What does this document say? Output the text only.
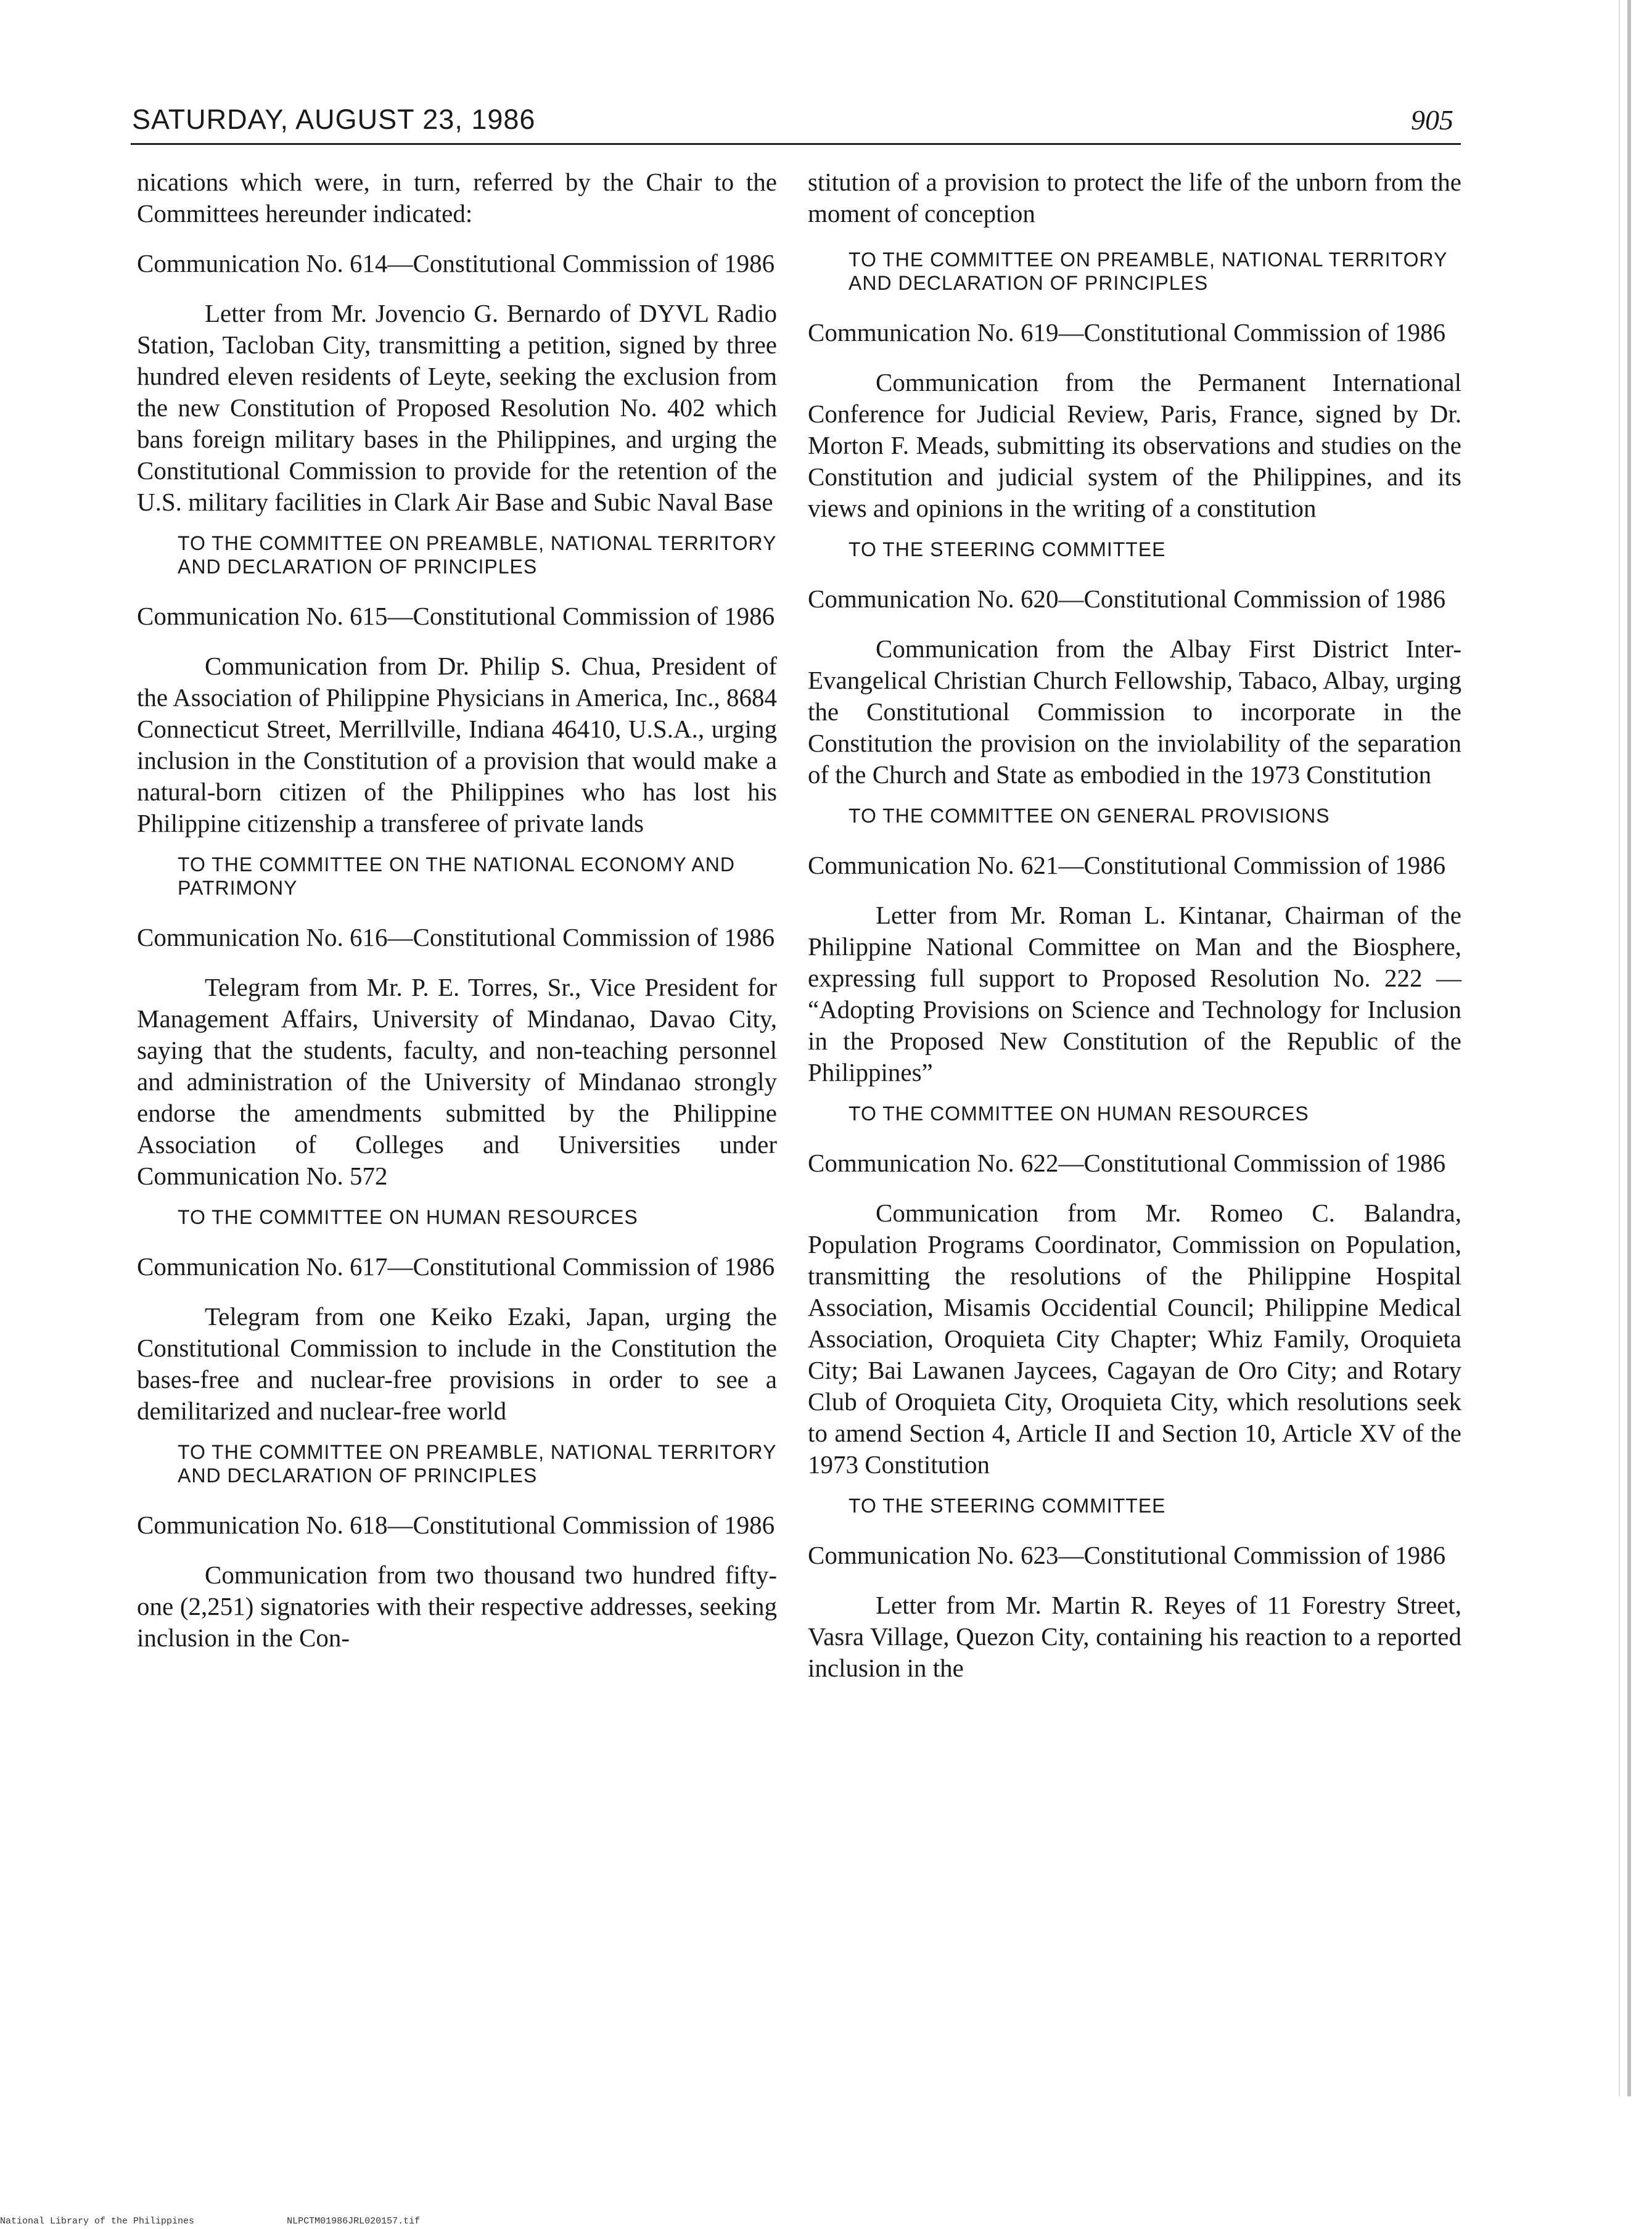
SATURDAY, AUGUST 23, 1986	905

nications which were, in turn, referred by the Chair to the Committees hereunder indicated:

Communication No. 614—Constitutional Commission of 1986

Letter from Mr. Jovencio G. Bernardo of DYVL Radio Station, Tacloban City, transmitting a petition, signed by three hundred eleven residents of Leyte, seeking the exclusion from the new Constitution of Proposed Resolution No. 402 which bans foreign military bases in the Philippines, and urging the Constitutional Commission to provide for the retention of the U.S. military facilities in Clark Air Base and Subic Naval Base

TO THE COMMITTEE ON PREAMBLE, NATIONAL TERRITORY AND DECLARATION OF PRINCIPLES

Communication No. 615—Constitutional Commission of 1986

Communication from Dr. Philip S. Chua, President of the Association of Philippine Physicians in America, Inc., 8684 Connecticut Street, Merrillville, Indiana 46410, U.S.A., urging inclusion in the Constitution of a provision that would make a natural-born citizen of the Philippines who has lost his Philippine citizenship a transferee of private lands

TO THE COMMITTEE ON THE NATIONAL ECONOMY AND PATRIMONY

Communication No. 616—Constitutional Commission of 1986

Telegram from Mr. P. E. Torres, Sr., Vice President for Management Affairs, University of Mindanao, Davao City, saying that the students, faculty, and non-teaching personnel and administration of the University of Mindanao strongly endorse the amendments submitted by the Philippine Association of Colleges and Universities under Communication No. 572

TO THE COMMITTEE ON HUMAN RESOURCES

Communication No. 617—Constitutional Commission of 1986

Telegram from one Keiko Ezaki, Japan, urging the Constitutional Commission to include in the Constitution the bases-free and nuclear-free provisions in order to see a demilitarized and nuclear-free world

TO THE COMMITTEE ON PREAMBLE, NATIONAL TERRITORY AND DECLARATION OF PRINCIPLES

Communication No. 618—Constitutional Commission of 1986

Communication from two thousand two hundred fifty-one (2,251) signatories with their respective addresses, seeking inclusion in the Con-

stitution of a provision to protect the life of the unborn from the moment of conception

TO THE COMMITTEE ON PREAMBLE, NATIONAL TERRITORY AND DECLARATION OF PRINCIPLES

Communication No. 619—Constitutional Commission of 1986

Communication from the Permanent International Conference for Judicial Review, Paris, France, signed by Dr. Morton F. Meads, submitting its observations and studies on the Constitution and judicial system of the Philippines, and its views and opinions in the writing of a constitution

TO THE STEERING COMMITTEE

Communication No. 620—Constitutional Commission of 1986

Communication from the Albay First District Inter-Evangelical Christian Church Fellowship, Tabaco, Albay, urging the Constitutional Commission to incorporate in the Constitution the provision on the inviolability of the separation of the Church and State as embodied in the 1973 Constitution

TO THE COMMITTEE ON GENERAL PROVISIONS

Communication No. 621—Constitutional Commission of 1986

Letter from Mr. Roman L. Kintanar, Chairman of the Philippine National Committee on Man and the Biosphere, expressing full support to Proposed Resolution No. 222 — “Adopting Provisions on Science and Technology for Inclusion in the Proposed New Constitution of the Republic of the Philippines”

TO THE COMMITTEE ON HUMAN RESOURCES

Communication No. 622—Constitutional Commission of 1986

Communication from Mr. Romeo C. Balandra, Population Programs Coordinator, Commission on Population, transmitting the resolutions of the Philippine Hospital Association, Misamis Occidential Council; Philippine Medical Association, Oroquieta City Chapter; Whiz Family, Oroquieta City; Bai Lawanen Jaycees, Cagayan de Oro City; and Rotary Club of Oroquieta City, Oroquieta City, which resolutions seek to amend Section 4, Article II and Section 10, Article XV of the 1973 Constitution

TO THE STEERING COMMITTEE

Communication No. 623—Constitutional Commission of 1986

Letter from Mr. Martin R. Reyes of 11 Forestry Street, Vasra Village, Quezon City, containing his reaction to a reported inclusion in the

National Library of the Philippines	NLPCTM01986JRL020157.tif
